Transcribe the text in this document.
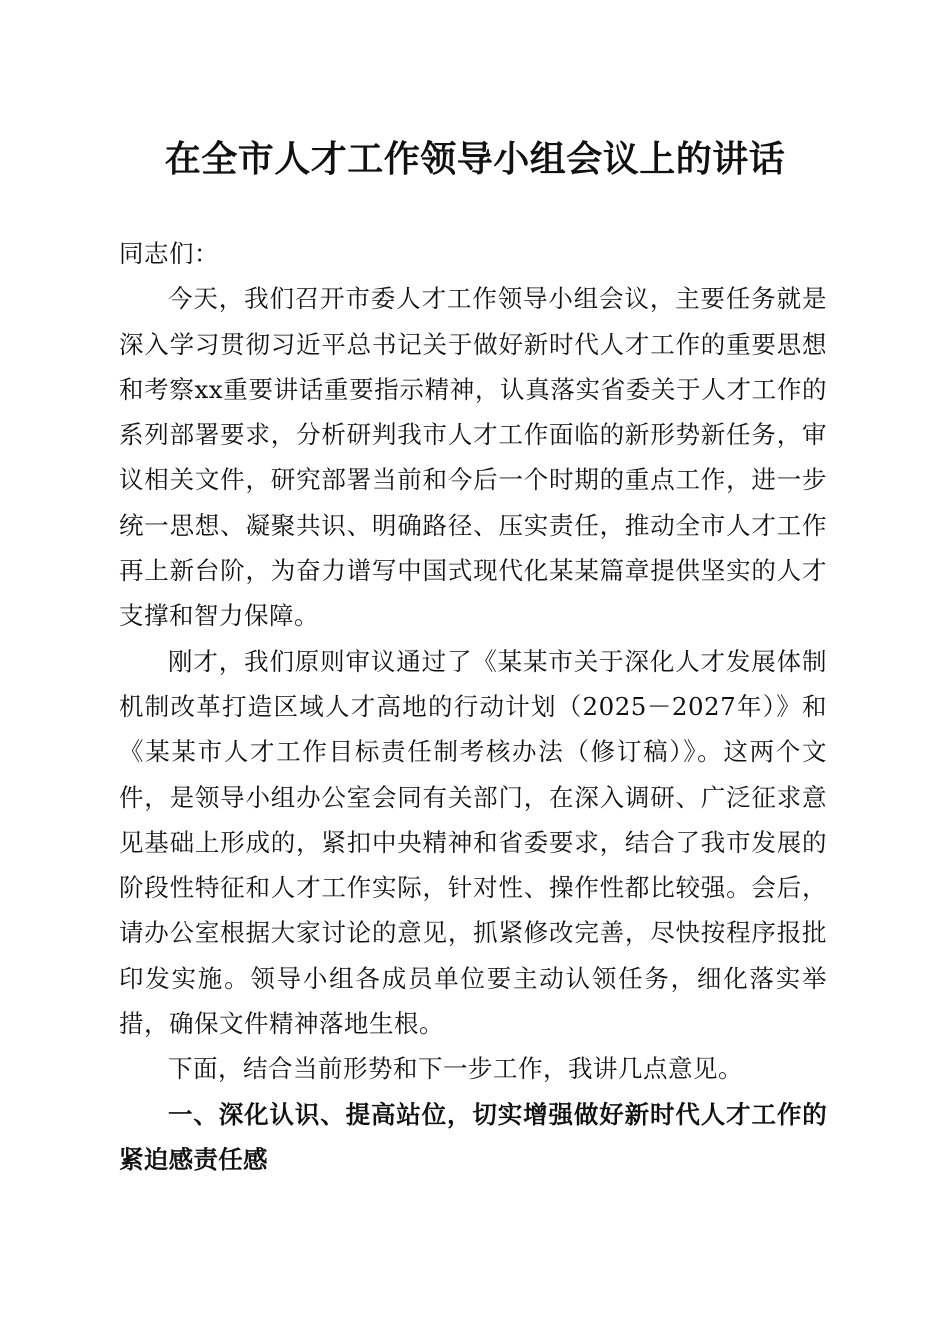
在全市人才工作领导小组会议上的讲话

同志们：

今天，我们召开市委人才工作领导小组会议，主要任务就是深入学习贯彻习近平总书记关于做好新时代人才工作的重要思想和考察xx重要讲话重要指示精神，认真落实省委关于人才工作的系列部署要求，分析研判我市人才工作面临的新形势新任务，审议相关文件，研究部署当前和今后一个时期的重点工作，进一步统一思想、凝聚共识、明确路径、压实责任，推动全市人才工作再上新台阶，为奋力谱写中国式现代化某某篇章提供坚实的人才支撑和智力保障。

刚才，我们原则审议通过了《某某市关于深化人才发展体制机制改革打造区域人才高地的行动计划（2025－2027年）》和《某某市人才工作目标责任制考核办法（修订稿）》。这两个文件，是领导小组办公室会同有关部门，在深入调研、广泛征求意见基础上形成的，紧扣中央精神和省委要求，结合了我市发展的阶段性特征和人才工作实际，针对性、操作性都比较强。会后，请办公室根据大家讨论的意见，抓紧修改完善，尽快按程序报批印发实施。领导小组各成员单位要主动认领任务，细化落实举措，确保文件精神落地生根。

下面，结合当前形势和下一步工作，我讲几点意见。

一、深化认识、提高站位，切实增强做好新时代人才工作的紧迫感责任感
